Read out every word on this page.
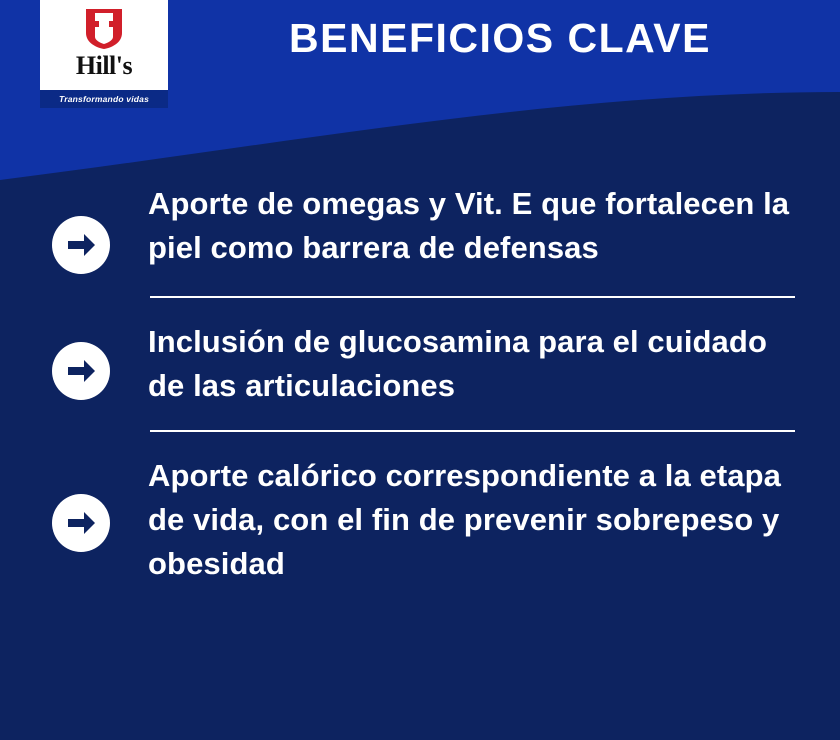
BENEFICIOS CLAVE
Hill's
Transformando vidas
Aporte de omegas y Vit. E que fortalecen la piel como barrera de defensas
Inclusión de glucosamina para el cuidado de las articulaciones
Aporte calórico correspondiente a la etapa de vida, con el fin de prevenir sobrepeso y obesidad
